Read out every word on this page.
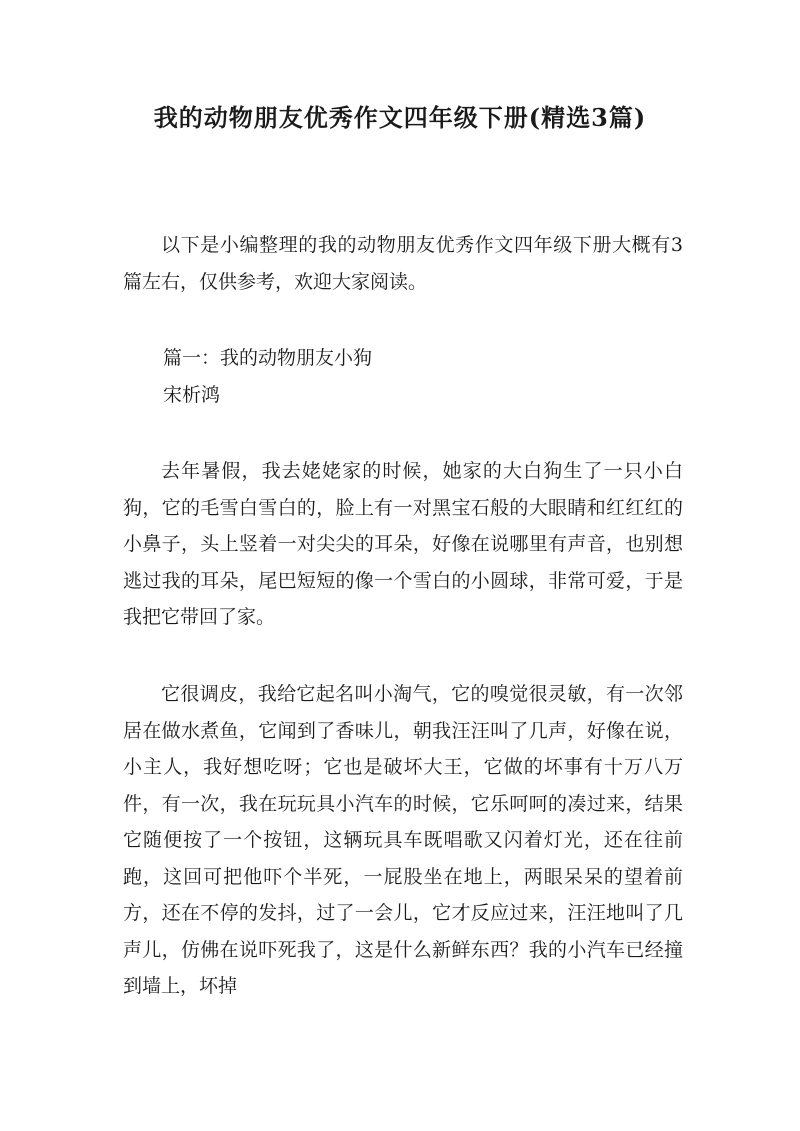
我的动物朋友优秀作文四年级下册(精选3篇)

以下是小编整理的我的动物朋友优秀作文四年级下册大概有3篇左右，仅供参考，欢迎大家阅读。

篇一：我的动物朋友小狗

宋析鸿

去年暑假，我去姥姥家的时候，她家的大白狗生了一只小白狗，它的毛雪白雪白的，脸上有一对黑宝石般的大眼睛和红红红的小鼻子，头上竖着一对尖尖的耳朵，好像在说哪里有声音，也别想逃过我的耳朵，尾巴短短的像一个雪白的小圆球，非常可爱，于是我把它带回了家。

它很调皮，我给它起名叫小淘气，它的嗅觉很灵敏，有一次邻居在做水煮鱼，它闻到了香味儿，朝我汪汪叫了几声，好像在说，小主人，我好想吃呀；它也是破坏大王，它做的坏事有十万八万件，有一次，我在玩玩具小汽车的时候，它乐呵呵的凑过来，结果它随便按了一个按钮，这辆玩具车既唱歌又闪着灯光，还在往前跑，这回可把他吓个半死，一屁股坐在地上，两眼呆呆的望着前方，还在不停的发抖，过了一会儿，它才反应过来，汪汪地叫了几声儿，仿佛在说吓死我了，这是什么新鲜东西？我的小汽车已经撞到墙上，坏掉
